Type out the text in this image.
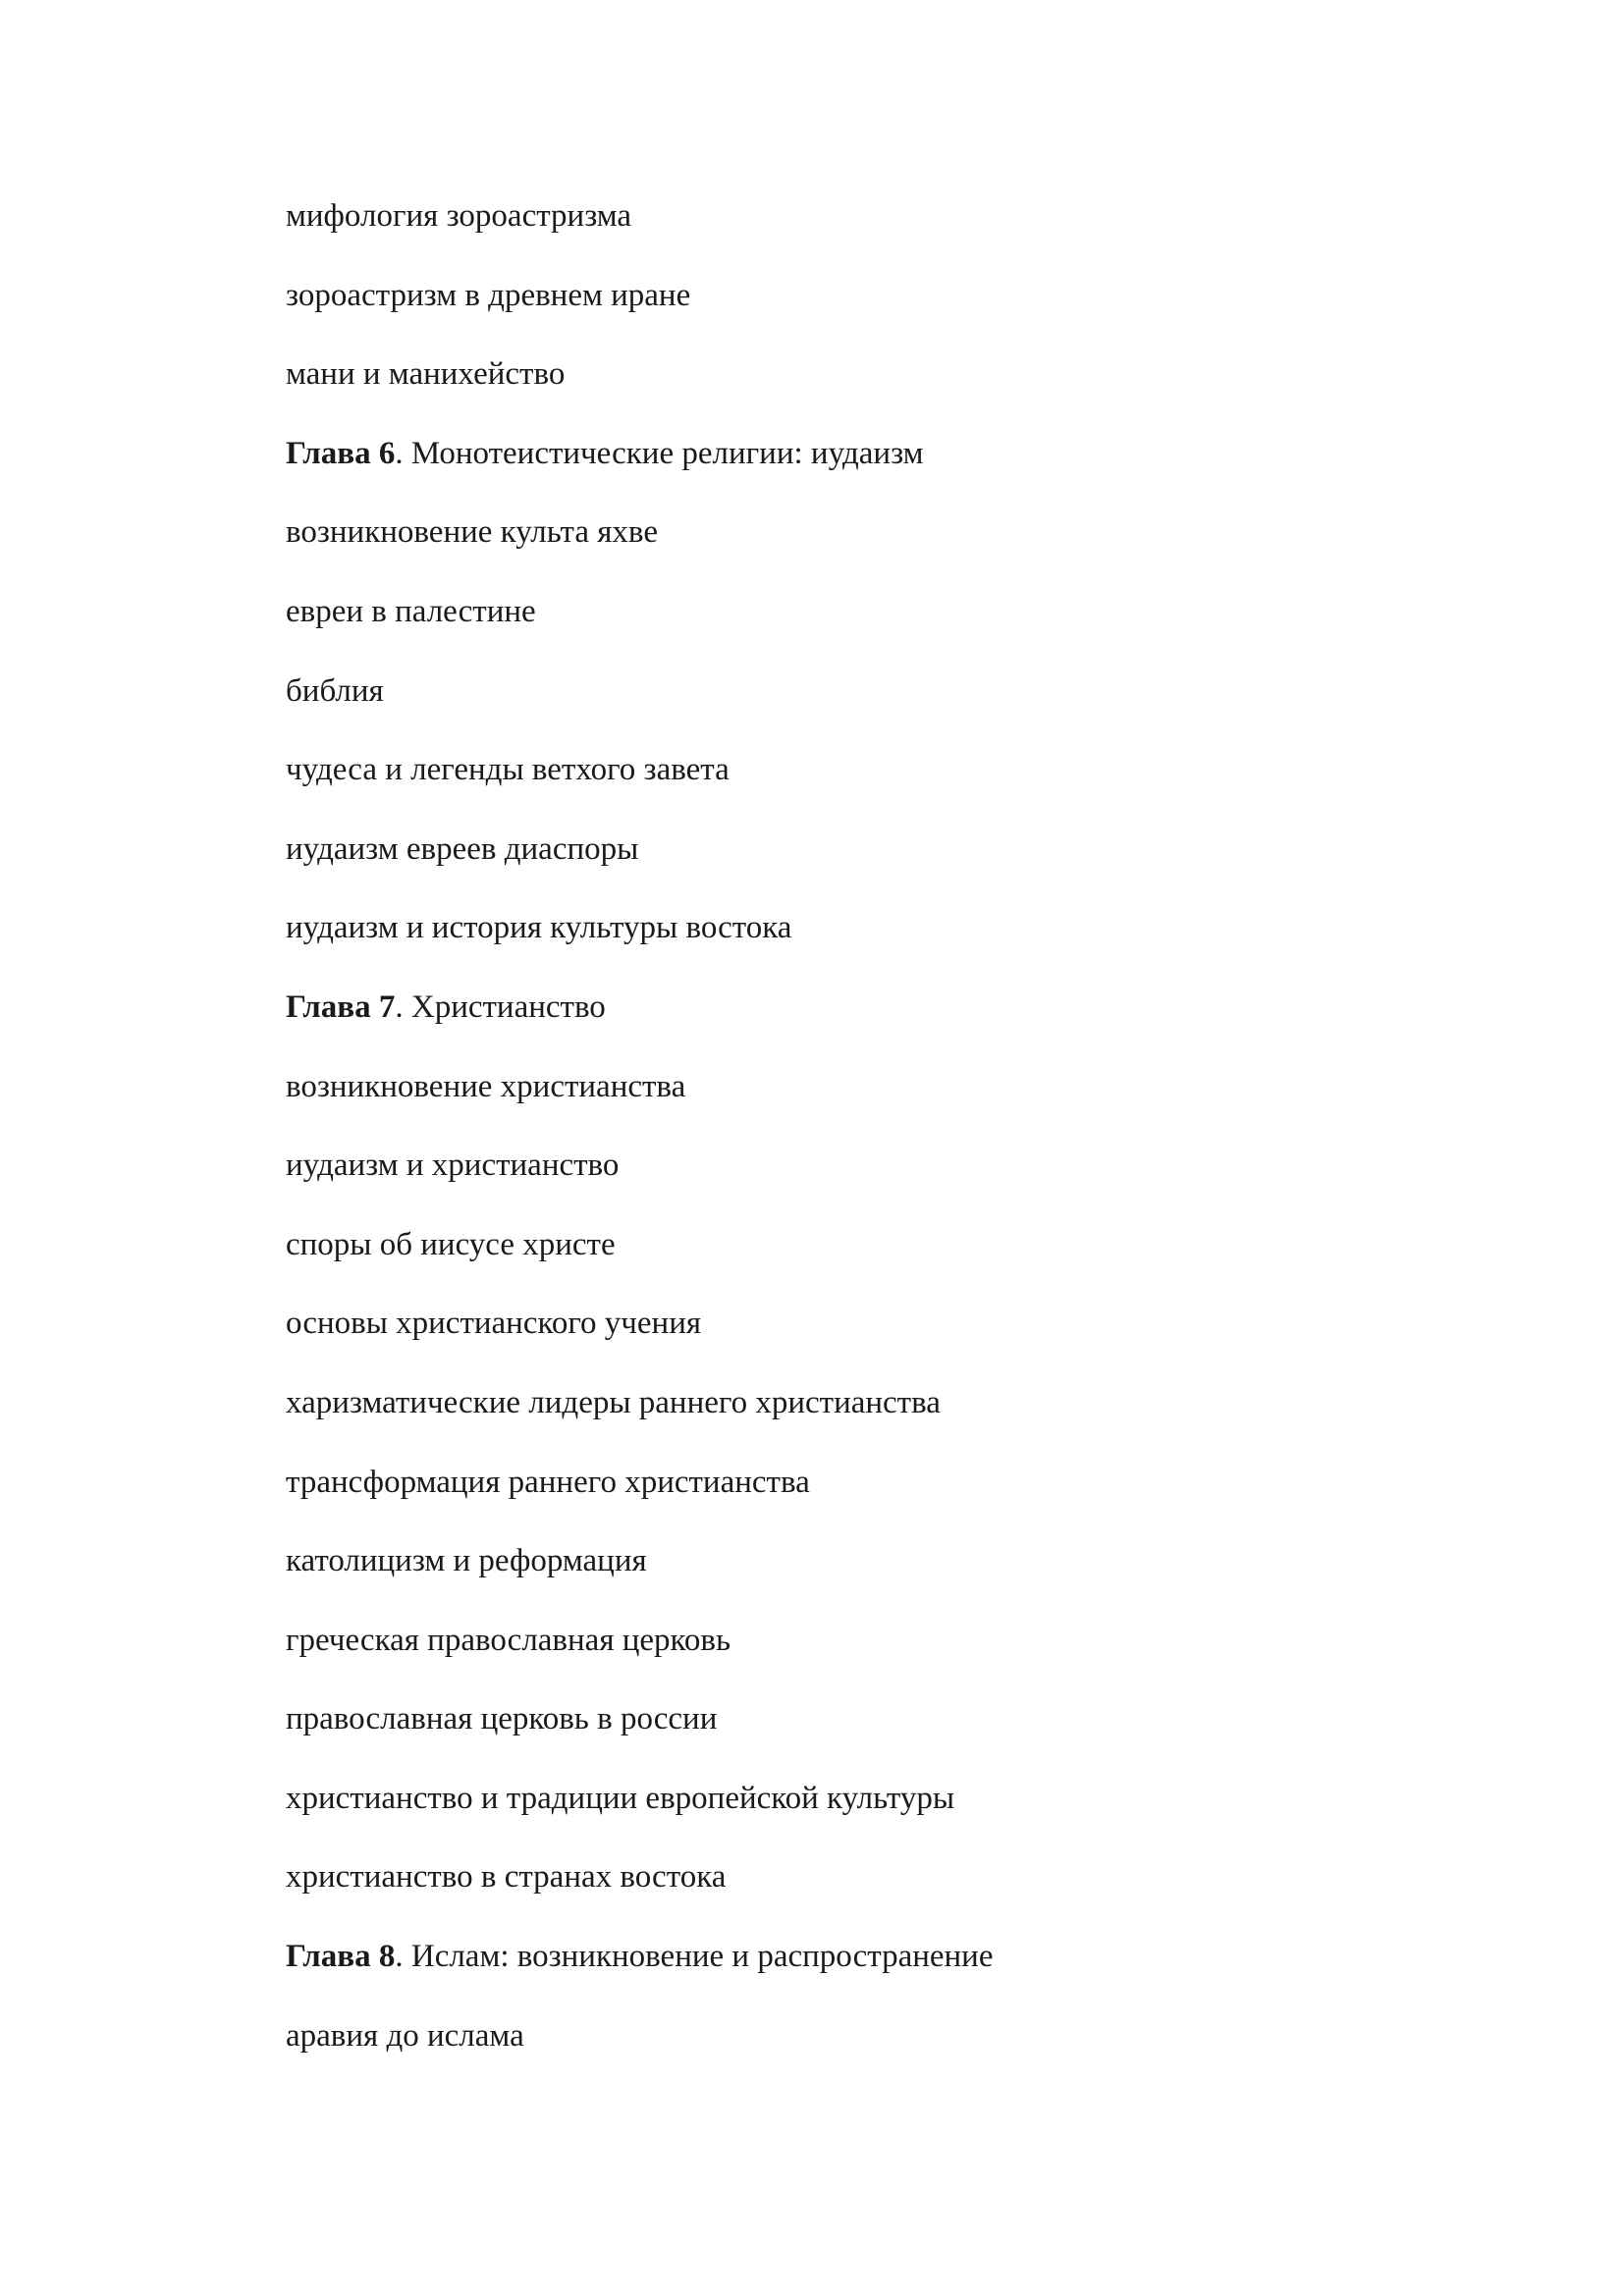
мифология зороастризма
зороастризм в древнем иране
мани и манихейство
Глава 6. Монотеистические религии: иудаизм
возникновение культа яхве
евреи в палестине
библия
чудеса и легенды ветхого завета
иудаизм евреев диаспоры
иудаизм и история культуры востока
Глава 7. Христианство
возникновение христианства
иудаизм и христианство
споры об иисусе христе
основы христианского учения
харизматические лидеры раннего христианства
трансформация раннего христианства
католицизм и реформация
греческая православная церковь
православная церковь в россии
христианство и традиции европейской культуры
христианство в странах востока
Глава 8. Ислам: возникновение и распространение
аравия до ислама
